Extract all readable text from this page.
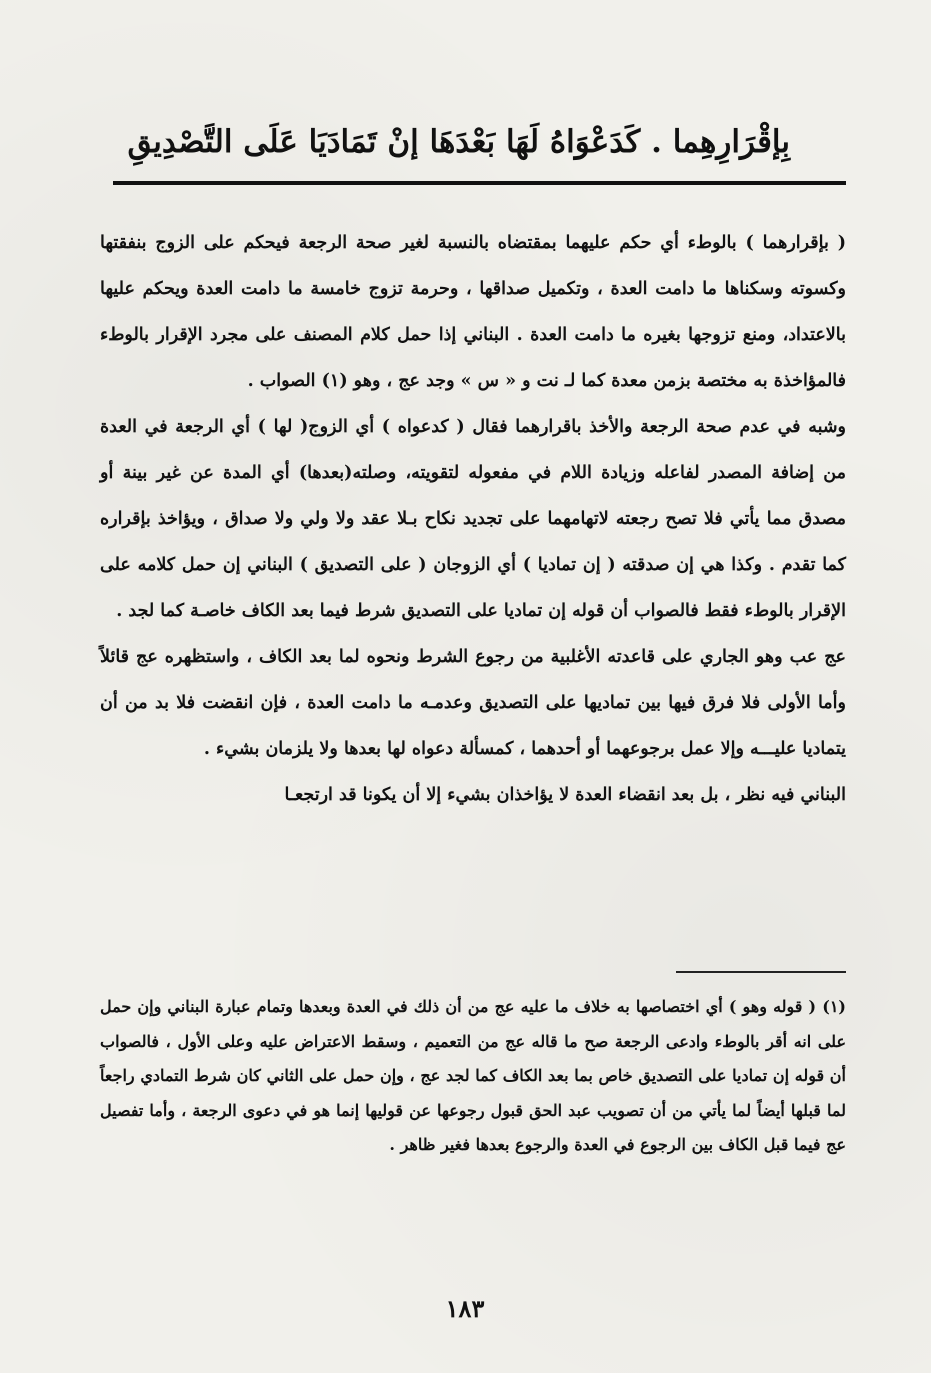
بِإقْرَارِهِما . كَدَعْوَاهُ لَهَا بَعْدَهَا إنْ تَمَادَيَا عَلَى التَّصْدِيقِ

( بإقرارهما ) بالوطء أي حكم عليهما بمقتضاه بالنسبة لغير صحة الرجعة فيحكم على الزوج بنفقتها وكسوته وسكناها ما دامت العدة ، وتكميل صداقها ، وحرمة تزوج خامسة ما دامت العدة ويحكم عليها بالاعتداد، ومنع تزوجها بغيره ما دامت العدة . البناني إذا حمل كلام المصنف على مجرد الإقرار بالوطء فالمؤاخذة به مختصة بزمن معدة كما لـ نت و « س » وجد عج ، وهو (١) الصواب .

وشبه في عدم صحة الرجعة والأخذ باقرارهما فقال ( كدعواه ) أي الزوج( لها ) أي الرجعة في العدة من إضافة المصدر لفاعله وزيادة اللام في مفعوله لتقويته، وصلته(بعدها) أي المدة عن غير بينة أو مصدق مما يأتي فلا تصح رجعته لاتهامهما على تجديد نكاح بـلا عقد ولا ولي ولا صداق ، ويؤاخذ بإقراره كما تقدم . وكذا هي إن صدقته ( إن تماديا ) أي الزوجان ( على التصديق ) البناني إن حمل كلامه على الإقرار بالوطء فقط فالصواب أن قوله إن تماديا على التصديق شرط فيما بعد الكاف خاصـة كما لجد .

عج عب وهو الجاري على قاعدته الأغلبية من رجوع الشرط ونحوه لما بعد الكاف ، واستظهره عج قائلاً وأما الأولى فلا فرق فيها بين تماديها على التصديق وعدمـه ما دامت العدة ، فإن انقضت فلا بد من أن يتماديا عليـــه وإلا عمل برجوعهما أو أحدهما ، كمسألة دعواه لها بعدها ولا يلزمان بشيء .

البناني فيه نظر ، بل بعد انقضاء العدة لا يؤاخذان بشيء إلا أن يكونا قد ارتجعـا

(١) ( قوله وهو ) أي اختصاصها به خلاف ما عليه عج من أن ذلك في العدة وبعدها وتمام عبارة البناني وإن حمل على انه أقر بالوطء وادعى الرجعة صح ما قاله عج من التعميم ، وسقط الاعتراض عليه وعلى الأول ، فالصواب أن قوله إن تماديا على التصديق خاص بما بعد الكاف كما لجد عج ، وإن حمل على الثاني كان شرط التمادي راجعاً لما قبلها أيضاً لما يأتي من أن تصويب عبد الحق قبول رجوعها عن قوليها إنما هو في دعوى الرجعة ، وأما تفصيل عج فيما قبل الكاف بين الرجوع في العدة والرجوع بعدها فغير ظاهر .

١٨٣
